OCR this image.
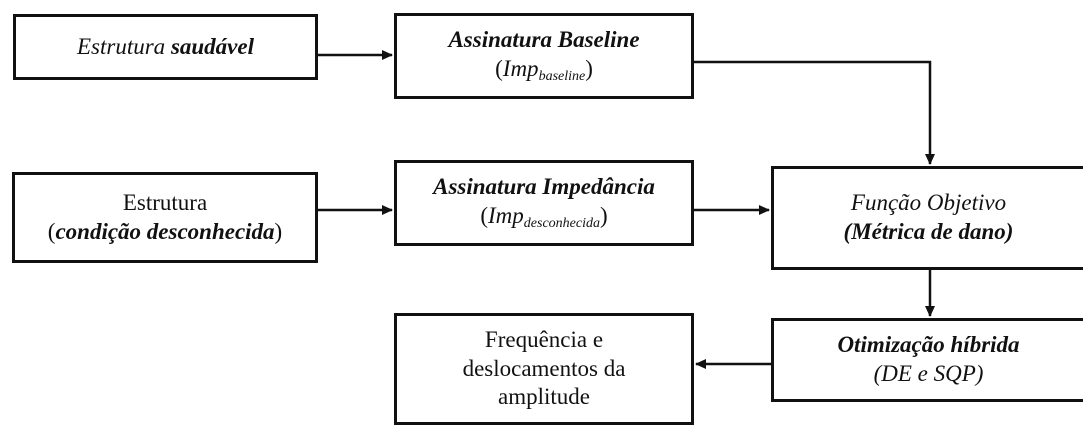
Estrutura saudável	Assinatura Baseline
(Imp$_{baseline}$)
Estrutura
(condição desconhecida)
Assinatura Impedância
(Imp$_{desconhecida}$)
Função Objetivo
(Métrica de dano)
Otimização híbrida
(DE e SQP)
Frequência e
deslocamentos da
amplitude
